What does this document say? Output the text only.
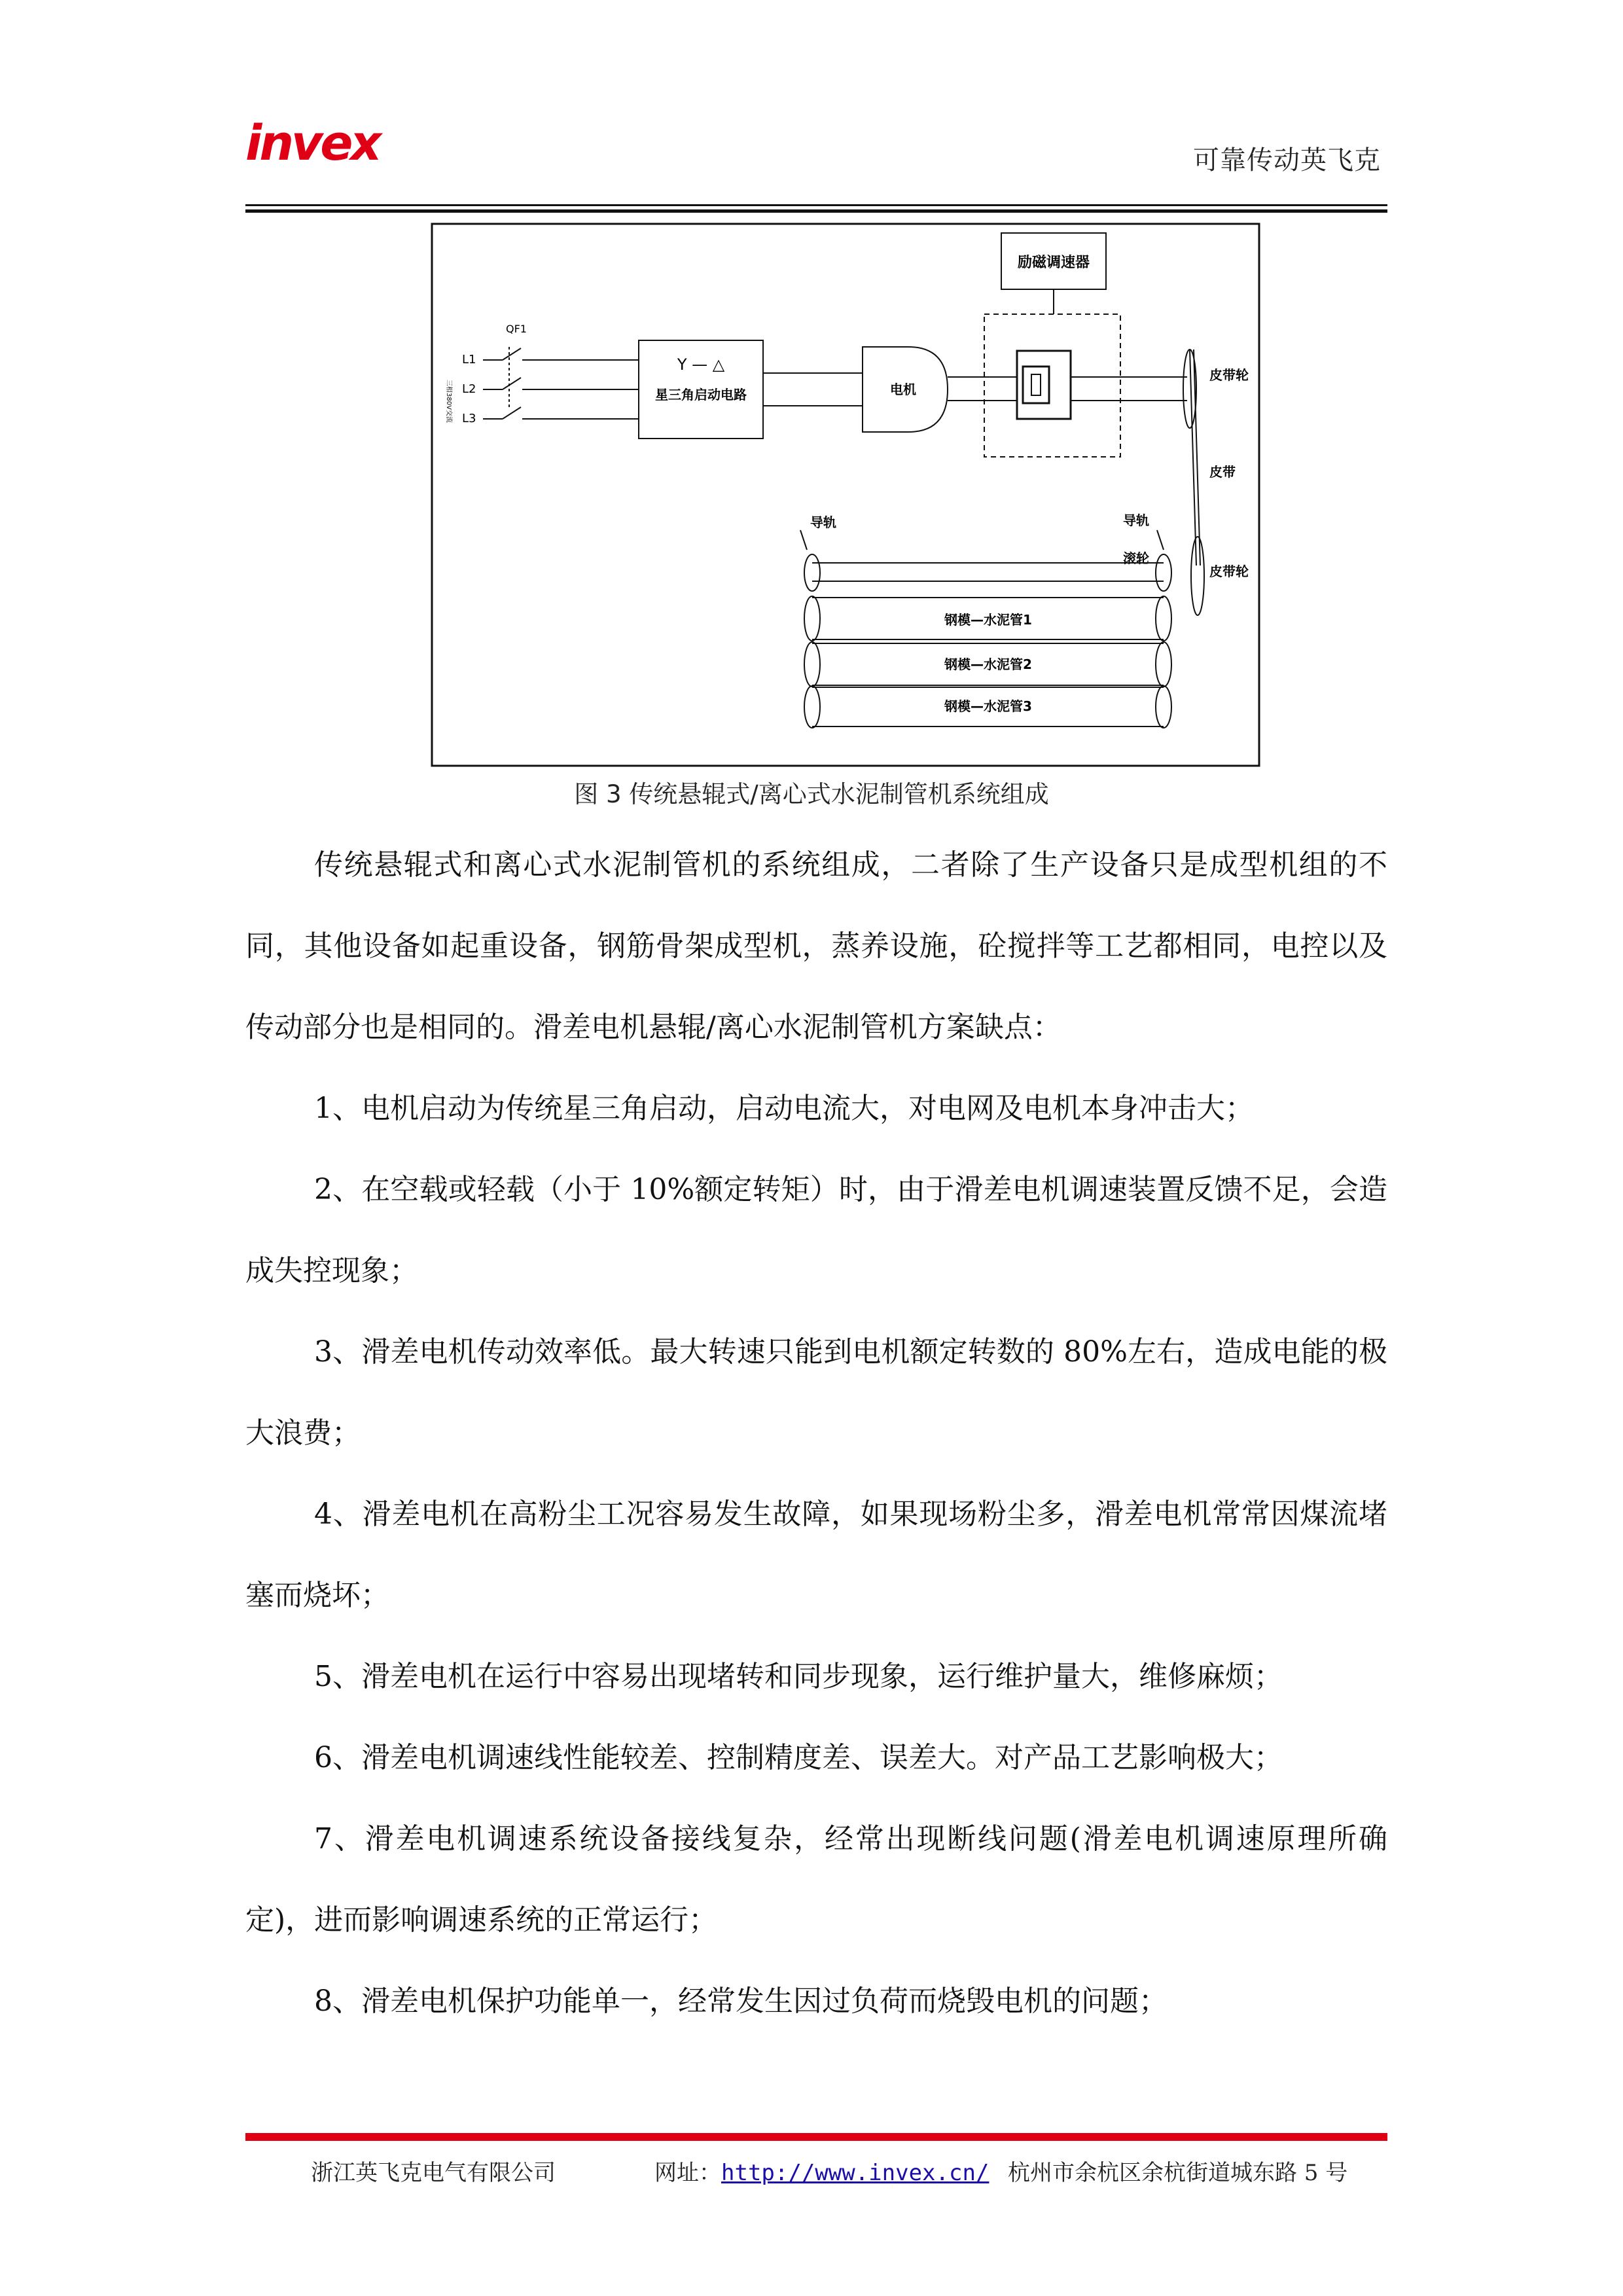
invex	可靠传动英飞克
励磁调速器
三相380V交流
QF1
L1
L2
L3
Y — △
星三角启动电路	电机
皮带轮
皮带
皮带轮
导轨	导轨
滚轮
钢模—水泥管1
钢模—水泥管2
钢模—水泥管3
图 3 传统悬辊式/离心式水泥制管机系统组成

传统悬辊式和离心式水泥制管机的系统组成，二者除了生产设备只是成型机组的不同，其他设备如起重设备，钢筋骨架成型机，蒸养设施，砼搅拌等工艺都相同，电控以及传动部分也是相同的。滑差电机悬辊/离心水泥制管机方案缺点：

1、电机启动为传统星三角启动，启动电流大，对电网及电机本身冲击大；

2、在空载或轻载（小于 10%额定转矩）时，由于滑差电机调速装置反馈不足，会造成失控现象；

3、滑差电机传动效率低。最大转速只能到电机额定转数的 80%左右，造成电能的极大浪费；

4、滑差电机在高粉尘工况容易发生故障，如果现场粉尘多，滑差电机常常因煤流堵塞而烧坏；

5、滑差电机在运行中容易出现堵转和同步现象，运行维护量大，维修麻烦；

6、滑差电机调速线性能较差、控制精度差、误差大。对产品工艺影响极大；

7、滑差电机调速系统设备接线复杂，经常出现断线问题(滑差电机调速原理所确定)，进而影响调速系统的正常运行；

8、滑差电机保护功能单一，经常发生因过负荷而烧毁电机的问题；

浙江英飞克电气有限公司	网址：http://www.invex.cn/ 杭州市余杭区余杭街道城东路 5 号
